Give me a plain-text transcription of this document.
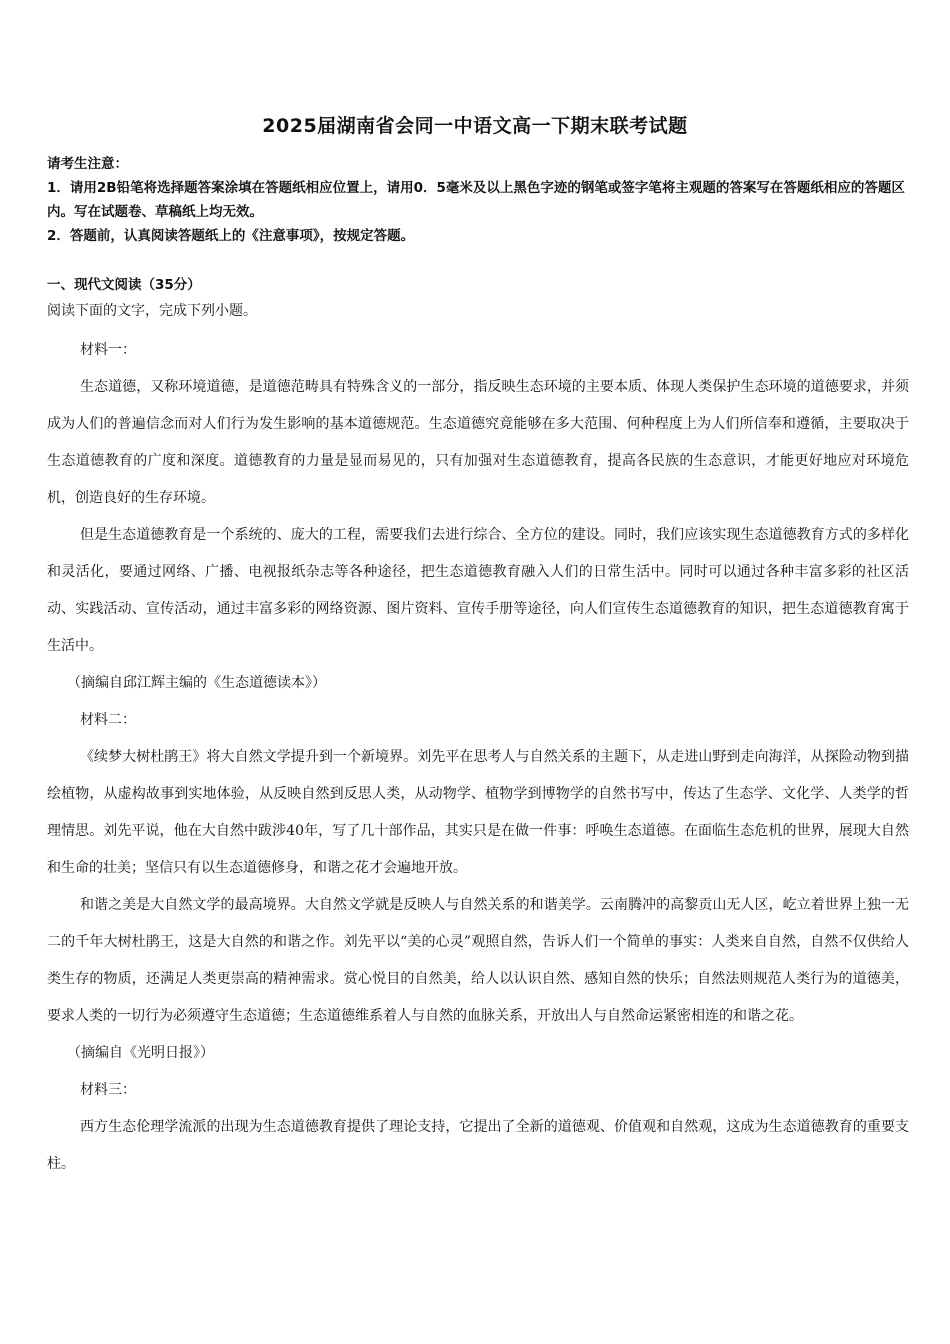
2025届湖南省会同一中语文高一下期末联考试题
请考生注意：
1．请用2B铅笔将选择题答案涂填在答题纸相应位置上，请用0．5毫米及以上黑色字迹的钢笔或签字笔将主观题的答案写在答题纸相应的答题区内。写在试题卷、草稿纸上均无效。
2．答题前，认真阅读答题纸上的《注意事项》，按规定答题。
一、现代文阅读（35分）

阅读下面的文字，完成下列小题。

材料一：

生态道德，又称环境道德，是道德范畴具有特殊含义的一部分，指反映生态环境的主要本质、体现人类保护生态环境的道德要求，并须成为人们的普遍信念而对人们行为发生影响的基本道德规范。生态道德究竟能够在多大范围、何种程度上为人们所信奉和遵循，主要取决于生态道德教育的广度和深度。道德教育的力量是显而易见的，只有加强对生态道德教育，提高各民族的生态意识，才能更好地应对环境危机，创造良好的生存环境。

但是生态道德教育是一个系统的、庞大的工程，需要我们去进行综合、全方位的建设。同时，我们应该实现生态道德教育方式的多样化和灵活化，要通过网络、广播、电视报纸杂志等各种途径，把生态道德教育融入人们的日常生活中。同时可以通过各种丰富多彩的社区活动、实践活动、宣传活动，通过丰富多彩的网络资源、图片资料、宣传手册等途径，向人们宣传生态道德教育的知识，把生态道德教育寓于生活中。

（摘编自邱江辉主编的《生态道德读本》）

材料二：

《续梦大树杜鹃王》将大自然文学提升到一个新境界。刘先平在思考人与自然关系的主题下，从走进山野到走向海洋，从探险动物到描绘植物，从虚构故事到实地体验，从反映自然到反思人类，从动物学、植物学到博物学的自然书写中，传达了生态学、文化学、人类学的哲理情思。刘先平说，他在大自然中跋涉40年，写了几十部作品，其实只是在做一件事：呼唤生态道德。在面临生态危机的世界，展现大自然和生命的壮美；坚信只有以生态道德修身，和谐之花才会遍地开放。

和谐之美是大自然文学的最高境界。大自然文学就是反映人与自然关系的和谐美学。云南腾冲的高黎贡山无人区，屹立着世界上独一无二的千年大树杜鹃王，这是大自然的和谐之作。刘先平以“美的心灵”观照自然，告诉人们一个简单的事实：人类来自自然，自然不仅供给人类生存的物质，还满足人类更崇高的精神需求。赏心悦目的自然美，给人以认识自然、感知自然的快乐；自然法则规范人类行为的道德美，要求人类的一切行为必须遵守生态道德；生态道德维系着人与自然的血脉关系，开放出人与自然命运紧密相连的和谐之花。

（摘编自《光明日报》）

材料三：

西方生态伦理学流派的出现为生态道德教育提供了理论支持，它提出了全新的道德观、价值观和自然观，这成为生态道德教育的重要支柱。
